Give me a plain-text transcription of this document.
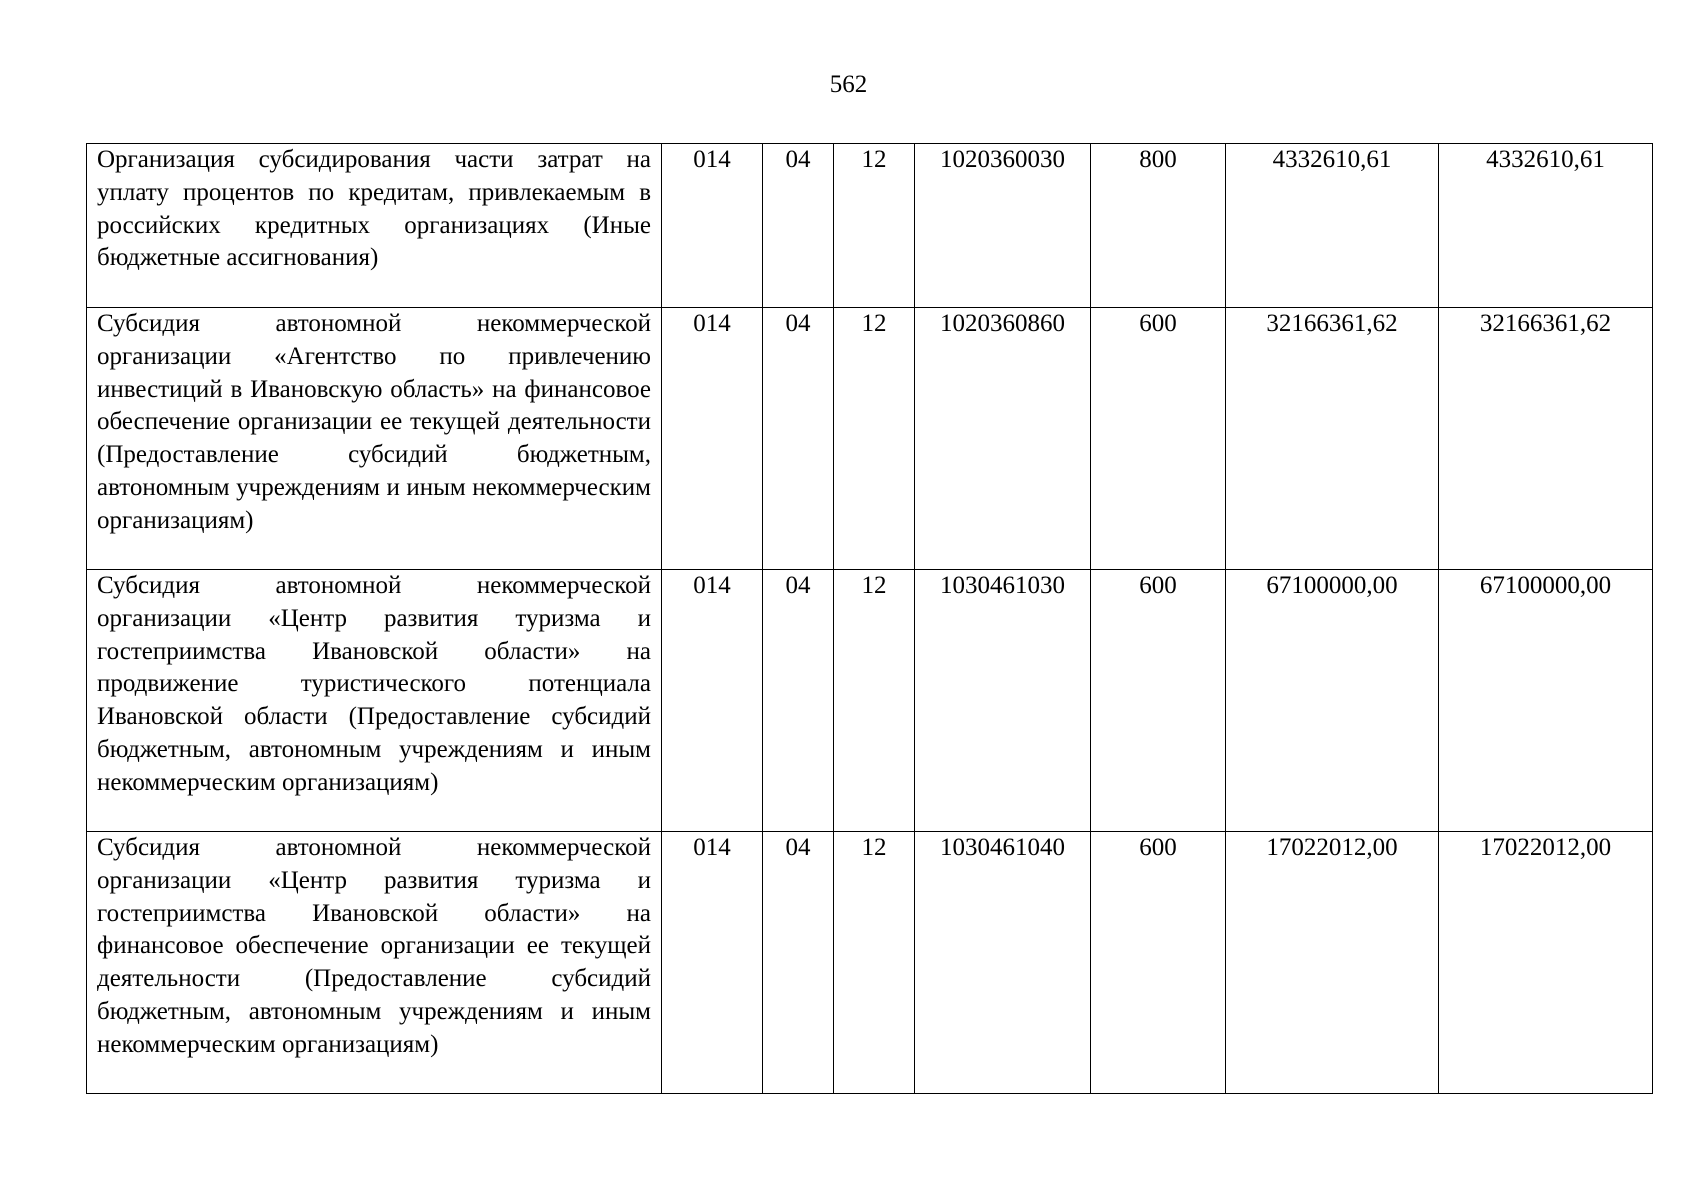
562
Организация субсидирования части затрат на уплату процентов по кредитам, привлекаемым в российских кредитных организациях (Иные бюджетные ассигнования)	014	04	12	1020360030	800	4332610,61	4332610,61
Субсидия автономной некоммерческой организации «Агентство по привлечению инвестиций в Ивановскую область» на финансовое обеспечение организации ее текущей деятельности (Предоставление субсидий бюджетным, автономным учреждениям и иным некоммерческим организациям)	014	04	12	1020360860	600	32166361,62	32166361,62
Субсидия автономной некоммерческой организации «Центр развития туризма и гостеприимства Ивановской области» на продвижение туристического потенциала Ивановской области (Предоставление субсидий бюджетным, автономным учреждениям и иным некоммерческим организациям)	014	04	12	1030461030	600	67100000,00	67100000,00
Субсидия автономной некоммерческой организации «Центр развития туризма и гостеприимства Ивановской области» на финансовое обеспечение организации ее текущей деятельности (Предоставление субсидий бюджетным, автономным учреждениям и иным некоммерческим организациям)	014	04	12	1030461040	600	17022012,00	17022012,00
